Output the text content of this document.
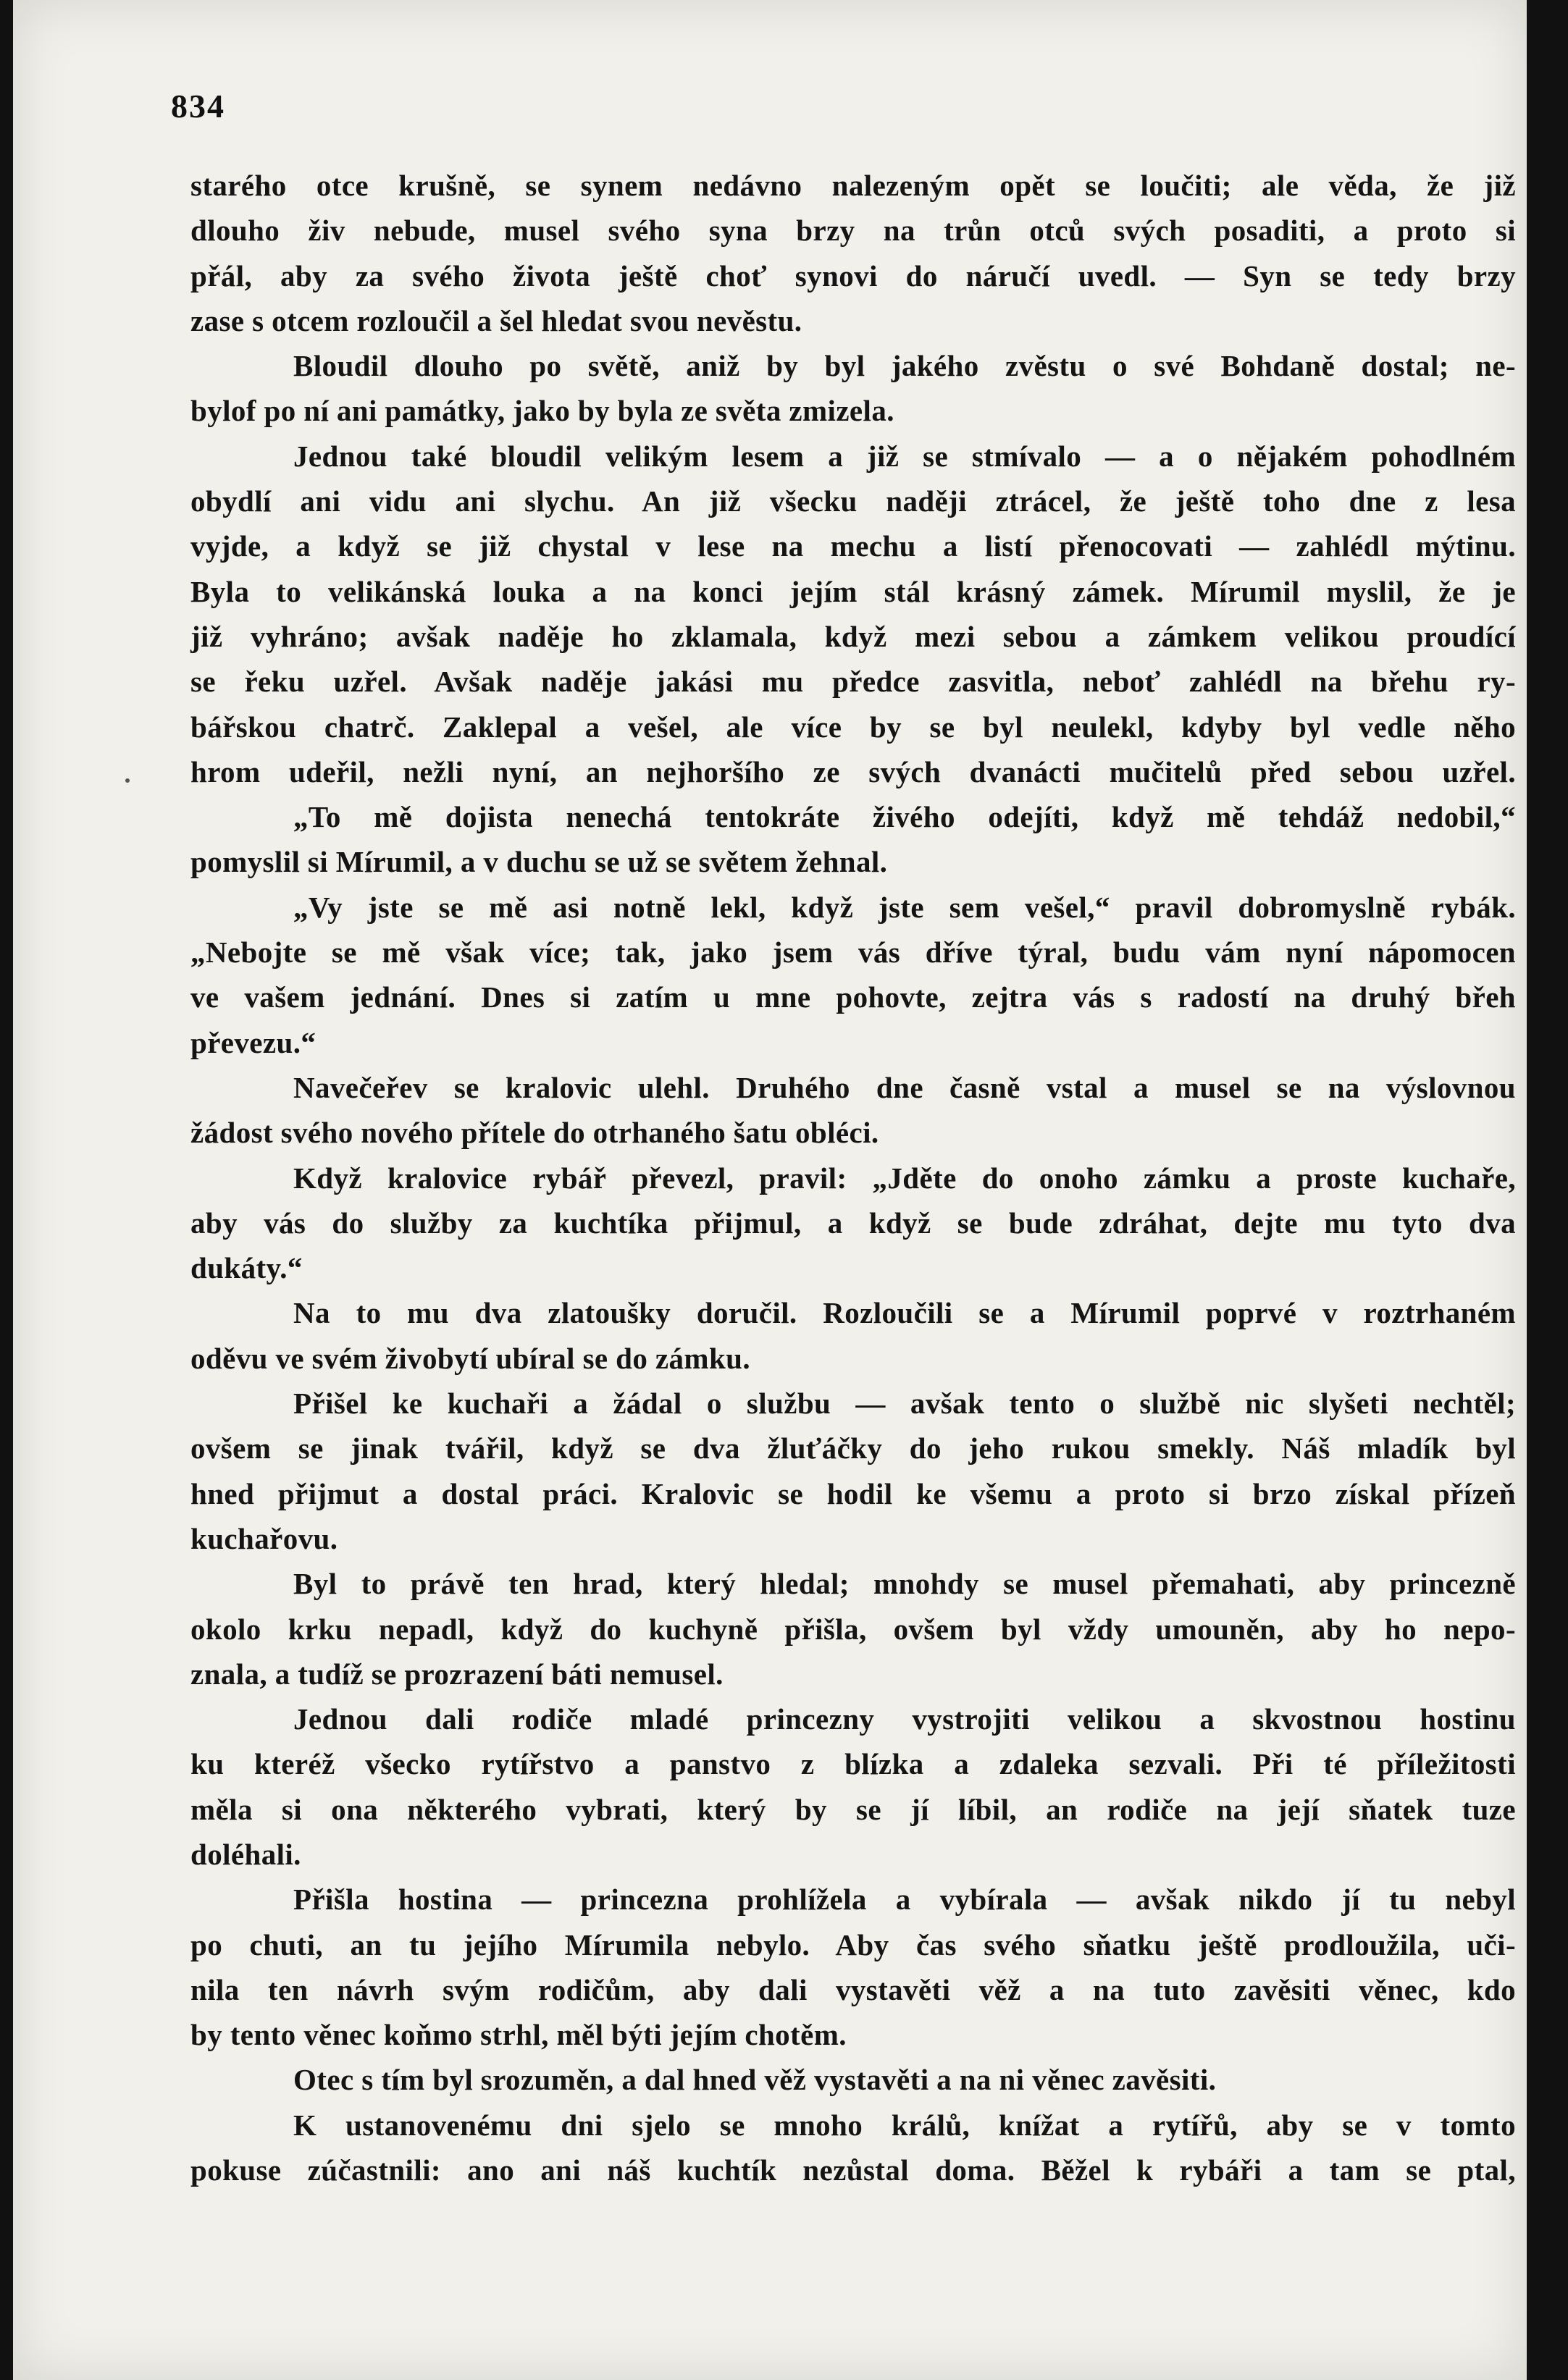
834
starého otce krušně, se synem nedávno nalezeným opět se loučiti; ale věda, že již
dlouho živ nebude, musel svého syna brzy na trůn otců svých posaditi, a proto si
přál, aby za svého života ještě choť synovi do náručí uvedl. — Syn se tedy brzy
zase s otcem rozloučil a šel hledat svou nevěstu.
Bloudil dlouho po světě, aniž by byl jakého zvěstu o své Bohdaně dostal; ne-
bylof po ní ani památky, jako by byla ze světa zmizela.
Jednou také bloudil velikým lesem a již se stmívalo — a o nějakém pohodlném
obydlí ani vidu ani slychu. An již všecku naději ztrácel, že ještě toho dne z lesa
vyjde, a když se již chystal v lese na mechu a listí přenocovati — zahlédl mýtinu.
Byla to velikánská louka a na konci jejím stál krásný zámek. Mírumil myslil, že je
již vyhráno; avšak naděje ho zklamala, když mezi sebou a zámkem velikou proudící
se řeku uzřel. Avšak naděje jakási mu předce zasvitla, neboť zahlédl na břehu ry-
bářskou chatrč. Zaklepal a vešel, ale více by se byl neulekl, kdyby byl vedle něho
hrom udeřil, nežli nyní, an nejhoršího ze svých dvanácti mučitelů před sebou uzřel.
„To mě dojista nenechá tentokráte živého odejíti, když mě tehdáž nedobil,“
pomyslil si Mírumil, a v duchu se už se světem žehnal.
„Vy jste se mě asi notně lekl, když jste sem vešel,“ pravil dobromyslně rybák.
„Nebojte se mě však více; tak, jako jsem vás dříve týral, budu vám nyní nápomocen
ve vašem jednání. Dnes si zatím u mne pohovte, zejtra vás s radostí na druhý břeh
převezu.“
Navečeřev se kralovic ulehl. Druhého dne časně vstal a musel se na výslovnou
žádost svého nového přítele do otrhaného šatu obléci.
Když kralovice rybář převezl, pravil: „Jděte do onoho zámku a proste kuchaře,
aby vás do služby za kuchtíka přijmul, a když se bude zdráhat, dejte mu tyto dva
dukáty.“
Na to mu dva zlatoušky doručil. Rozloučili se a Mírumil poprvé v roztrhaném
oděvu ve svém živobytí ubíral se do zámku.
Přišel ke kuchaři a žádal o službu — avšak tento o službě nic slyšeti nechtěl;
ovšem se jinak tvářil, když se dva žluťáčky do jeho rukou smekly. Náš mladík byl
hned přijmut a dostal práci. Kralovic se hodil ke všemu a proto si brzo získal přízeň
kuchařovu.
Byl to právě ten hrad, který hledal; mnohdy se musel přemahati, aby princezně
okolo krku nepadl, když do kuchyně přišla, ovšem byl vždy umouněn, aby ho nepo-
znala, a tudíž se prozrazení báti nemusel.
Jednou dali rodiče mladé princezny vystrojiti velikou a skvostnou hostinu
ku kteréž všecko rytířstvo a panstvo z blízka a zdaleka sezvali. Při té příležitosti
měla si ona některého vybrati, který by se jí líbil, an rodiče na její sňatek tuze
doléhali.
Přišla hostina — princezna prohlížela a vybírala — avšak nikdo jí tu nebyl
po chuti, an tu jejího Mírumila nebylo. Aby čas svého sňatku ještě prodloužila, uči-
nila ten návrh svým rodičům, aby dali vystavěti věž a na tuto zavěsiti věnec, kdo
by tento věnec koňmo strhl, měl býti jejím chotěm.
Otec s tím byl srozuměn, a dal hned věž vystavěti a na ni věnec zavěsiti.
K ustanovenému dni sjelo se mnoho králů, knížat a rytířů, aby se v tomto
pokuse zúčastnili: ano ani náš kuchtík nezůstal doma. Běžel k rybáři a tam se ptal,
